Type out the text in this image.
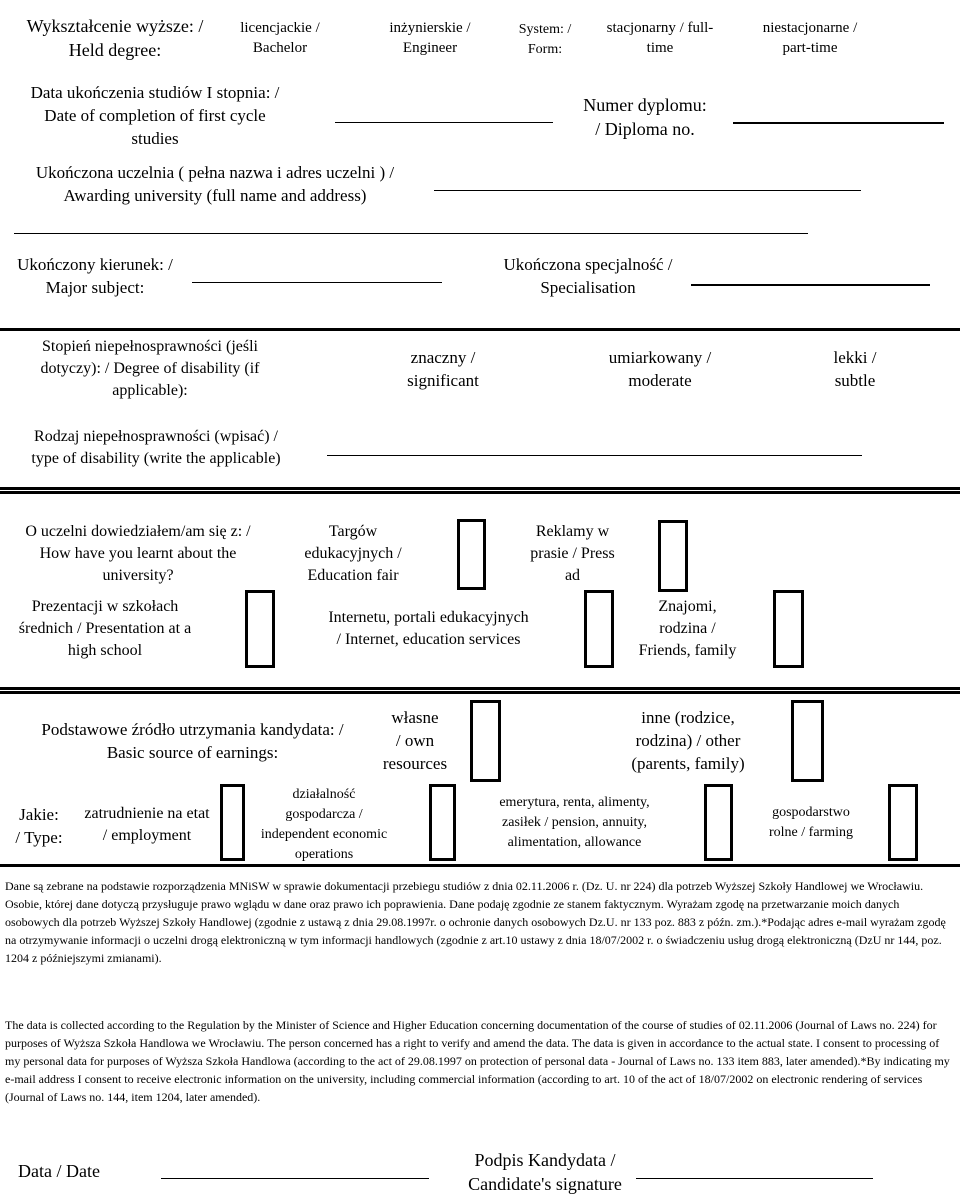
Wykształcenie wyższe: /
Held degree:
licencjackie /
Bachelor
inżynierskie /
Engineer
System: /
Form:
stacjonarny / full-
time
niestacjonarne /
part-time
Data ukończenia studiów I stopnia: /
Date of completion of first cycle
studies
Numer dyplomu:
/ Diploma no.
Ukończona uczelnia ( pełna nazwa i adres uczelni ) /
Awarding university (full name and address)
Ukończony kierunek: /
Major subject:
Ukończona specjalność /
Specialisation
Stopień niepełnosprawności (jeśli
dotyczy): / Degree of disability (if
applicable):
znaczny /
significant
umiarkowany /
moderate
lekki /
subtle
Rodzaj niepełnosprawności (wpisać) /
type of disability (write the applicable)
O uczelni dowiedziałem/am się z: /
How have you learnt about the
university?
Targów
edukacyjnych /
Education fair
Reklamy w
prasie / Press
ad
Prezentacji w szkołach
średnich / Presentation at a
high school
Internetu, portali edukacyjnych
/ Internet, education services
Znajomi,
rodzina /
Friends, family
Podstawowe źródło utrzymania kandydata: /
Basic source of earnings:
własne
/ own
resources
inne (rodzice,
rodzina) / other
(parents, family)
Jakie:
/ Type:
zatrudnienie na etat
/ employment
działalność
gospodarcza /
independent economic
operations
emerytura, renta, alimenty,
zasiłek / pension, annuity,
alimentation, allowance
gospodarstwo
rolne / farming
Dane są zebrane na podstawie rozporządzenia MNiSW w sprawie dokumentacji przebiegu studiów z dnia 02.11.2006 r. (Dz. U. nr 224) dla potrzeb Wyższej Szkoły Handlowej we Wrocławiu. Osobie, której dane dotyczą przysługuje prawo wglądu w dane oraz prawo ich poprawienia. Dane podaję zgodnie ze stanem faktycznym. Wyrażam zgodę na przetwarzanie moich danych osobowych dla potrzeb Wyższej Szkoły Handlowej (zgodnie z ustawą z dnia 29.08.1997r. o ochronie danych osobowych Dz.U. nr 133 poz. 883 z późn. zm.).*Podając adres e-mail wyrażam zgodę na otrzymywanie informacji o uczelni drogą elektroniczną w tym informacji handlowych (zgodnie z art.10 ustawy z dnia 18/07/2002 r. o świadczeniu usług drogą elektroniczną (DzU nr 144, poz. 1204 z późniejszymi zmianami).
The data is collected according to the Regulation by the Minister of Science and Higher Education concerning documentation of the course of studies of 02.11.2006 (Journal of Laws no. 224) for purposes of Wyższa Szkoła Handlowa we Wrocławiu. The person concerned has a right to verify and amend the data. The data is given in accordance to the actual state. I consent to processing of my personal data for purposes of Wyższa Szkoła Handlowa (according to the act of 29.08.1997 on protection of personal data - Journal of Laws no. 133 item 883, later amended).*By indicating my e-mail address I consent to receive electronic information on the university, including commercial information (according to art. 10 of the act of 18/07/2002 on electronic rendering of services (Journal of Laws no. 144, item 1204, later amended).
Data / Date
Podpis Kandydata /
Candidate's signature
